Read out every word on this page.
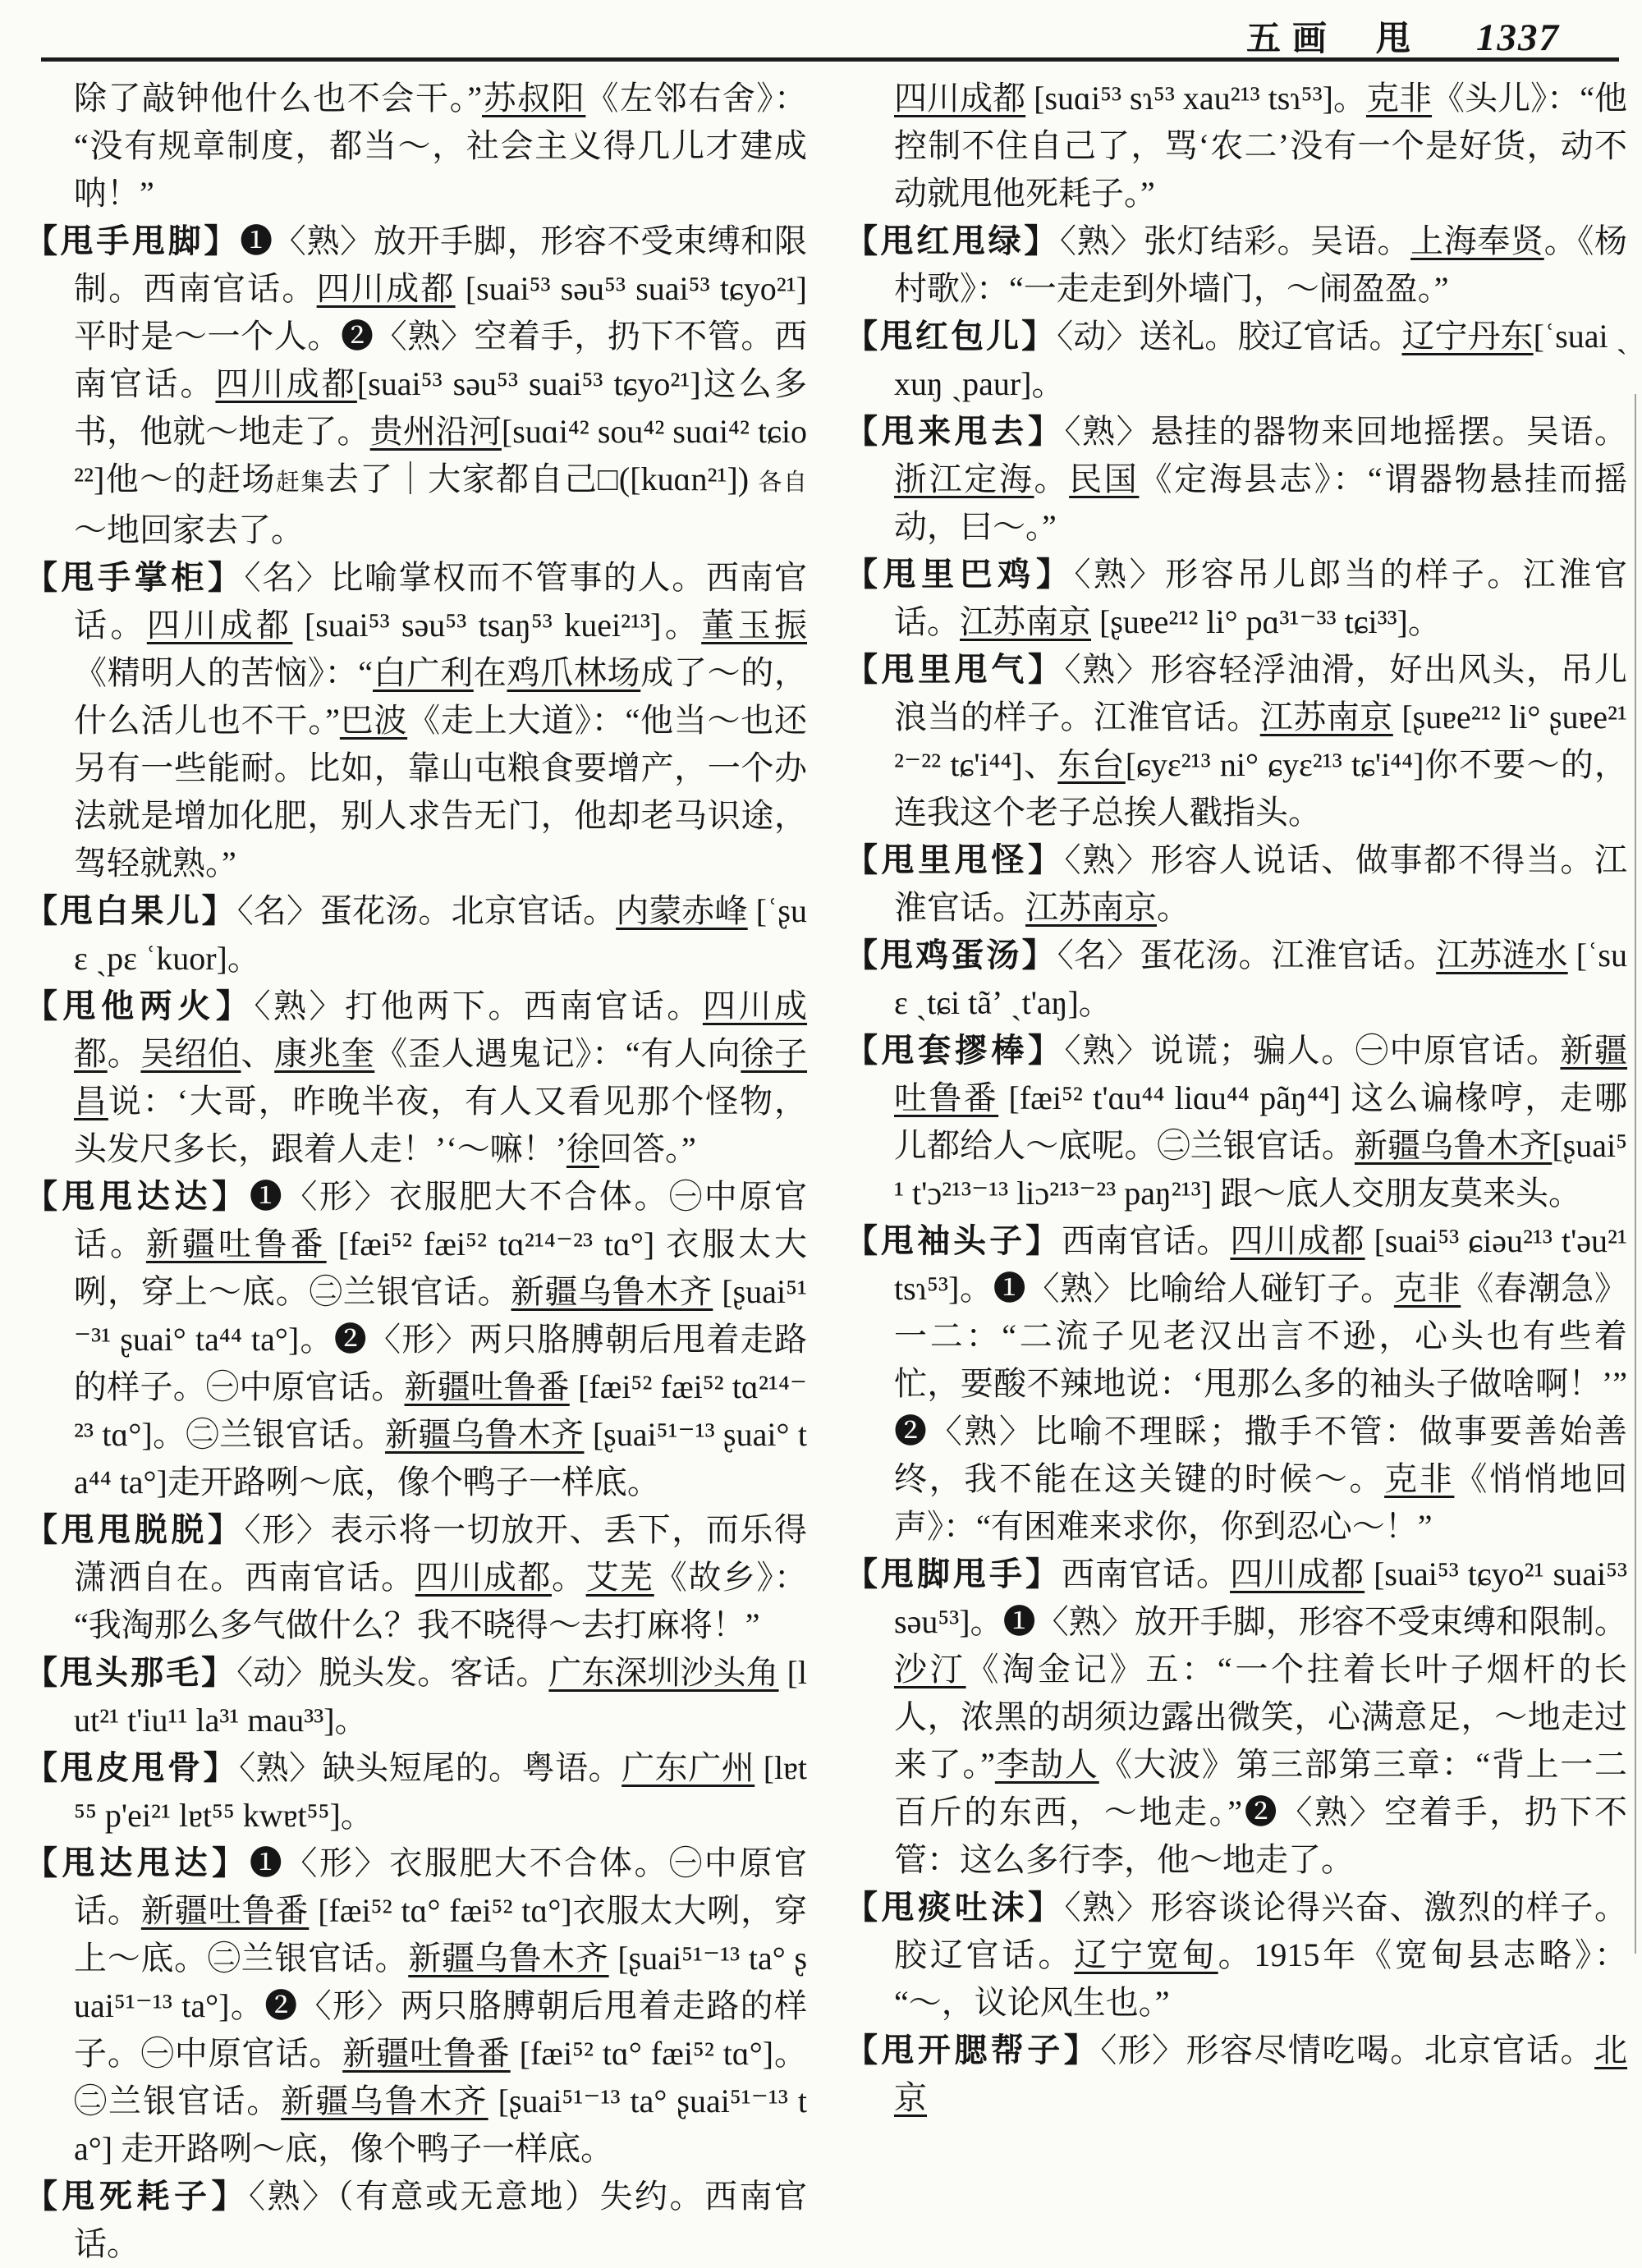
五画 甩 1337
除了敲钟他什么也不会干。”苏叔阳《左邻右舍》：“没有规章制度，都当～，社会主义得几儿才建成呐！”
【甩手甩脚】❶〈熟〉放开手脚，形容不受束缚和限制。西南官话。四川成都 [suai⁵³ səu⁵³ suai⁵³ tɕyo²¹] 平时是～一个人。❷〈熟〉空着手，扔下不管。西南官话。四川成都[suai⁵³ səu⁵³ suai⁵³ tɕyo²¹]这么多书，他就～地走了。贵州沿河[suɑi⁴² sou⁴² suɑi⁴² tɕio²²]他～的赶场赶集去了｜大家都自己□([kuɑn²¹]) 各自～地回家去了。
【甩手掌柜】〈名〉比喻掌权而不管事的人。西南官话。四川成都 [suai⁵³ səu⁵³ tsaŋ⁵³ kuei²¹³]。董玉振《精明人的苦恼》：“白广利在鸡爪林场成了～的，什么活儿也不干。”巴波《走上大道》：“他当～也还另有一些能耐。比如，靠山屯粮食要增产，一个办法就是增加化肥，别人求告无门，他却老马识途，驾轻就熟。”
【甩白果儿】〈名〉蛋花汤。北京官话。内蒙赤峰 [ʿʂuɛ ˏpɛ ʿkuor]。
【甩他两火】〈熟〉打他两下。西南官话。四川成都。吴绍伯、康兆奎《歪人遇鬼记》：“有人向徐子昌说：‘大哥，昨晚半夜，有人又看见那个怪物，头发尺多长，跟着人走！’‘～嘛！’徐回答。”
【甩甩达达】❶〈形〉衣服肥大不合体。㊀中原官话。新疆吐鲁番 [fæi⁵² fæi⁵² tɑ²¹⁴⁻²³ tɑ°] 衣服太大咧，穿上～底。㊁兰银官话。新疆乌鲁木齐 [ʂuai⁵¹⁻³¹ ʂuai° ta⁴⁴ ta°]。❷〈形〉两只胳膊朝后甩着走路的样子。㊀中原官话。新疆吐鲁番 [fæi⁵² fæi⁵² tɑ²¹⁴⁻²³ tɑ°]。㊁兰银官话。新疆乌鲁木齐 [ʂuai⁵¹⁻¹³ ʂuai° ta⁴⁴ ta°]走开路咧～底，像个鸭子一样底。
【甩甩脱脱】〈形〉表示将一切放开、丢下，而乐得潇洒自在。西南官话。四川成都。艾芜《故乡》：“我淘那么多气做什么？我不晓得～去打麻将！”
【甩头那毛】〈动〉脱头发。客话。广东深圳沙头角 [lut²¹ t'iu¹¹ la³¹ mau³³]。
【甩皮甩骨】〈熟〉缺头短尾的。粤语。广东广州 [lɐt⁵⁵ p'ei²¹ lɐt⁵⁵ kwɐt⁵⁵]。
【甩达甩达】❶〈形〉衣服肥大不合体。㊀中原官话。新疆吐鲁番 [fæi⁵² tɑ° fæi⁵² tɑ°]衣服太大咧，穿上～底。㊁兰银官话。新疆乌鲁木齐 [ʂuai⁵¹⁻¹³ ta° ʂuai⁵¹⁻¹³ ta°]。❷〈形〉两只胳膊朝后甩着走路的样子。㊀中原官话。新疆吐鲁番 [fæi⁵² tɑ° fæi⁵² tɑ°]。㊁兰银官话。新疆乌鲁木齐 [ʂuai⁵¹⁻¹³ ta° ʂuai⁵¹⁻¹³ ta°] 走开路咧～底，像个鸭子一样底。
【甩死耗子】〈熟〉（有意或无意地）失约。西南官话。
四川成都 [suɑi⁵³ sɿ⁵³ xau²¹³ tsɿ⁵³]。克非《头儿》：“他控制不住自己了，骂‘农二’没有一个是好货，动不动就甩他死耗子。”
【甩红甩绿】〈熟〉张灯结彩。吴语。上海奉贤。《杨村歌》：“一走走到外墙门，～闹盈盈。”
【甩红包儿】〈动〉送礼。胶辽官话。辽宁丹东[ʿsuai ˏxuŋ ˏpaur]。
【甩来甩去】〈熟〉悬挂的器物来回地摇摆。吴语。浙江定海。民国《定海县志》：“谓器物悬挂而摇动，曰～。”
【甩里巴鸡】〈熟〉形容吊儿郎当的样子。江淮官话。江苏南京 [ʂuɐe²¹² li° pɑ³¹⁻³³ tɕi³³]。
【甩里甩气】〈熟〉形容轻浮油滑，好出风头，吊儿浪当的样子。江淮官话。江苏南京 [ʂuɐe²¹² li° ʂuɐe²¹²⁻²² tɕ'i⁴⁴]、东台[ɕyɛ²¹³ ni° ɕyɛ²¹³ tɕ'i⁴⁴]你不要～的，连我这个老子总挨人戳指头。
【甩里甩怪】〈熟〉形容人说话、做事都不得当。江淮官话。江苏南京。
【甩鸡蛋汤】〈名〉蛋花汤。江淮官话。江苏涟水 [ʿsuɛ ˏtɕi tãʼ ˏt'aŋ]。
【甩套摎棒】〈熟〉说谎；骗人。㊀中原官话。新疆吐鲁番 [fæi⁵² t'ɑu⁴⁴ liɑu⁴⁴ pãŋ⁴⁴] 这么谝椽哼，走哪儿都给人～底呢。㊁兰银官话。新疆乌鲁木齐[ʂuai⁵¹ t'ɔ²¹³⁻¹³ liɔ²¹³⁻²³ paŋ²¹³] 跟～底人交朋友莫来头。
【甩袖头子】西南官话。四川成都 [suai⁵³ ɕiəu²¹³ t'əu²¹ tsɿ⁵³]。❶〈熟〉比喻给人碰钉子。克非《春潮急》一二：“二流子见老汉出言不逊，心头也有些着忙，要酸不辣地说：‘甩那么多的袖头子做啥啊！’”❷〈熟〉比喻不理睬；撒手不管：做事要善始善终，我不能在这关键的时候～。克非《悄悄地回声》：“有困难来求你，你到忍心～！”
【甩脚甩手】西南官话。四川成都 [suai⁵³ tɕyo²¹ suai⁵³ səu⁵³]。❶〈熟〉放开手脚，形容不受束缚和限制。沙汀《淘金记》五：“一个拄着长叶子烟杆的长人，浓黑的胡须边露出微笑，心满意足，～地走过来了。”李劼人《大波》第三部第三章：“背上一二百斤的东西，～地走。”❷〈熟〉空着手，扔下不管：这么多行李，他～地走了。
【甩痰吐沫】〈熟〉形容谈论得兴奋、激烈的样子。胶辽官话。辽宁宽甸。1915年《宽甸县志略》：“～，议论风生也。”
【甩开腮帮子】〈形〉形容尽情吃喝。北京官话。北京
